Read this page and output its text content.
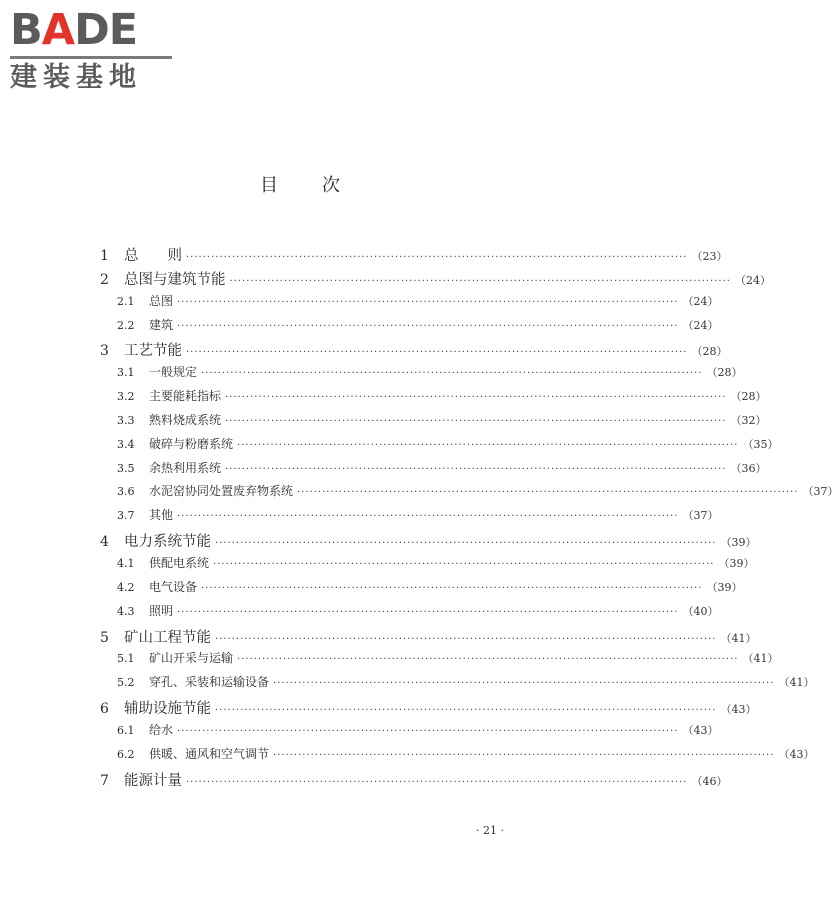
BADE
建装基地
目次
1	总　　则 ························································································································ （23）
2	总图与建筑节能 ························································································································ （24）
2.1	总图 ························································································································ （24）
2.2	建筑 ························································································································ （24）
3	工艺节能 ························································································································ （28）
3.1	一般规定 ························································································································ （28）
3.2	主要能耗指标 ························································································································ （28）
3.3	熟料烧成系统 ························································································································ （32）
3.4	破碎与粉磨系统 ························································································································ （35）
3.5	余热利用系统 ························································································································ （36）
3.6	水泥窑协同处置废弃物系统 ························································································································ （37）
3.7	其他 ························································································································ （37）
4	电力系统节能 ························································································································ （39）
4.1	供配电系统 ························································································································ （39）
4.2	电气设备 ························································································································ （39）
4.3	照明 ························································································································ （40）
5	矿山工程节能 ························································································································ （41）
5.1	矿山开采与运输 ························································································································ （41）
5.2	穿孔、采装和运输设备 ························································································································ （41）
6	辅助设施节能 ························································································································ （43）
6.1	给水 ························································································································ （43）
6.2	供暖、通风和空气调节 ························································································································ （43）
7	能源计量 ························································································································ （46）
· 21 ·
